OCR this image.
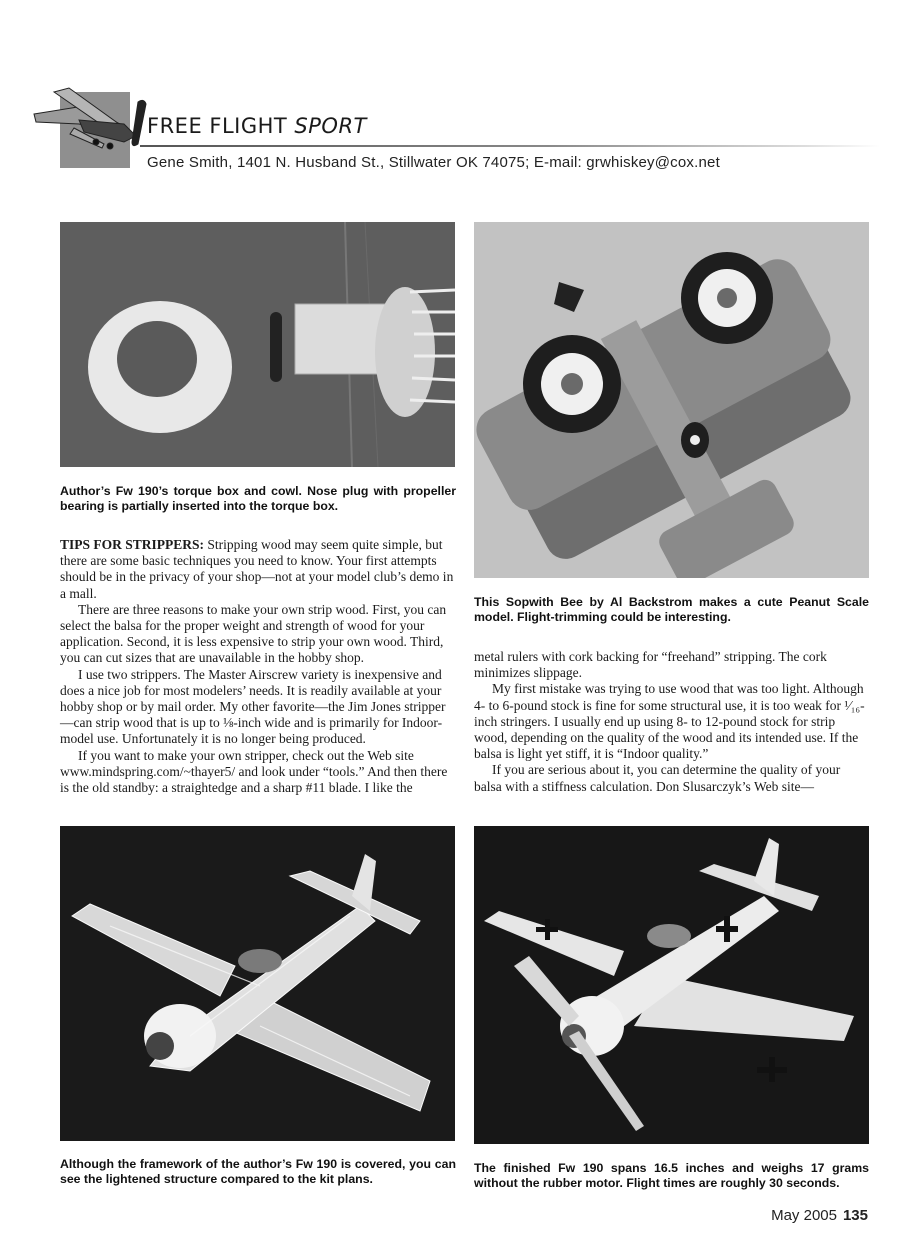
FREE FLIGHT SPORT
Gene Smith, 1401 N. Husband St., Stillwater OK 74075; E-mail: grwhiskey@cox.net
Author’s Fw 190’s torque box and cowl. Nose plug with propeller bearing is partially inserted into the torque box.

TIPS FOR STRIPPERS: Stripping wood may seem quite simple, but there are some basic techniques you need to know. Your first attempts should be in the privacy of your shop—not at your model club’s demo in a mall.

There are three reasons to make your own strip wood. First, you can select the balsa for the proper weight and strength of wood for your application. Second, it is less expensive to strip your own wood. Third, you can cut sizes that are unavailable in the hobby shop.

I use two strippers. The Master Airscrew variety is inexpensive and does a nice job for most modelers’ needs. It is readily available at your hobby shop or by mail order. My other favorite—the Jim Jones stripper—can strip wood that is up to ⅛-inch wide and is primarily for Indoor-model use. Unfortunately it is no longer being produced.

If you want to make your own stripper, check out the Web site www.mindspring.com/~thayer5/ and look under “tools.” And then there is the old standby: a straightedge and a sharp #11 blade. I like the

This Sopwith Bee by Al Backstrom makes a cute Peanut Scale model. Flight-trimming could be interesting.

metal rulers with cork backing for “freehand” stripping. The cork minimizes slippage.

My first mistake was trying to use wood that was too light. Although 4- to 6-pound stock is fine for some structural use, it is too weak for ¹⁄₁₆-inch stringers. I usually end up using 8- to 12-pound stock for strip wood, depending on the quality of the wood and its intended use. If the balsa is light yet stiff, it is “Indoor quality.”

If you are serious about it, you can determine the quality of your balsa with a stiffness calculation. Don Slusarczyk’s Web site—

Although the framework of the author’s Fw 190 is covered, you can see the lightened structure compared to the kit plans.
The finished Fw 190 spans 16.5 inches and weighs 17 grams without the rubber motor. Flight times are roughly 30 seconds.
May 2005 135
